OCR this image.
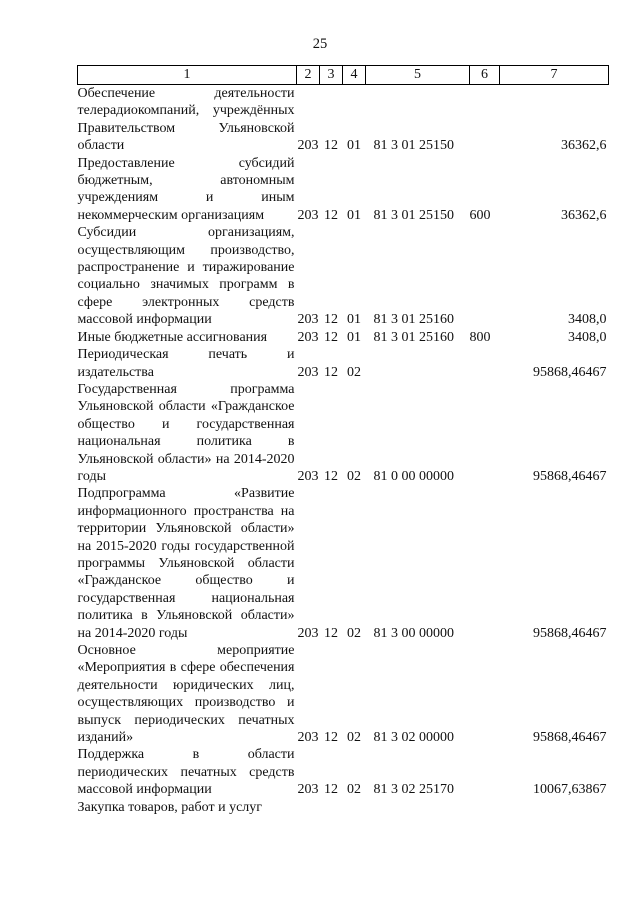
25
1	2	3	4	5	6	7
Обеспечение деятельности телерадиокомпаний, учреждённых Правительством Ульяновской области	203	12	01	81 3 01 25150		36362,6
Предоставление субсидий бюджетным, автономным учреждениям и иным некоммерческим организациям	203	12	01	81 3 01 25150	600	36362,6
Субсидии организациям, осуществляющим производство, распространение и тиражирование социально значимых программ в сфере электронных средств массовой информации	203	12	01	81 3 01 25160		3408,0
Иные бюджетные ассигнования	203	12	01	81 3 01 25160	800	3408,0
Периодическая печать и издательства	203	12	02			95868,46467
Государственная программа Ульяновской области «Гражданское общество и государственная национальная политика в Ульяновской области» на 2014-2020 годы	203	12	02	81 0 00 00000		95868,46467
Подпрограмма «Развитие информационного пространства на территории Ульяновской области» на 2015-2020 годы государственной программы Ульяновской области «Гражданское общество и государственная национальная политика в Ульяновской области» на 2014-2020 годы	203	12	02	81 3 00 00000		95868,46467
Основное мероприятие «Мероприятия в сфере обеспечения деятельности юридических лиц, осуществляющих производство и выпуск периодических печатных изданий»	203	12	02	81 3 02 00000		95868,46467
Поддержка в области периодических печатных средств массовой информации	203	12	02	81 3 02 25170		10067,63867
Закупка товаров, работ и услуг						
